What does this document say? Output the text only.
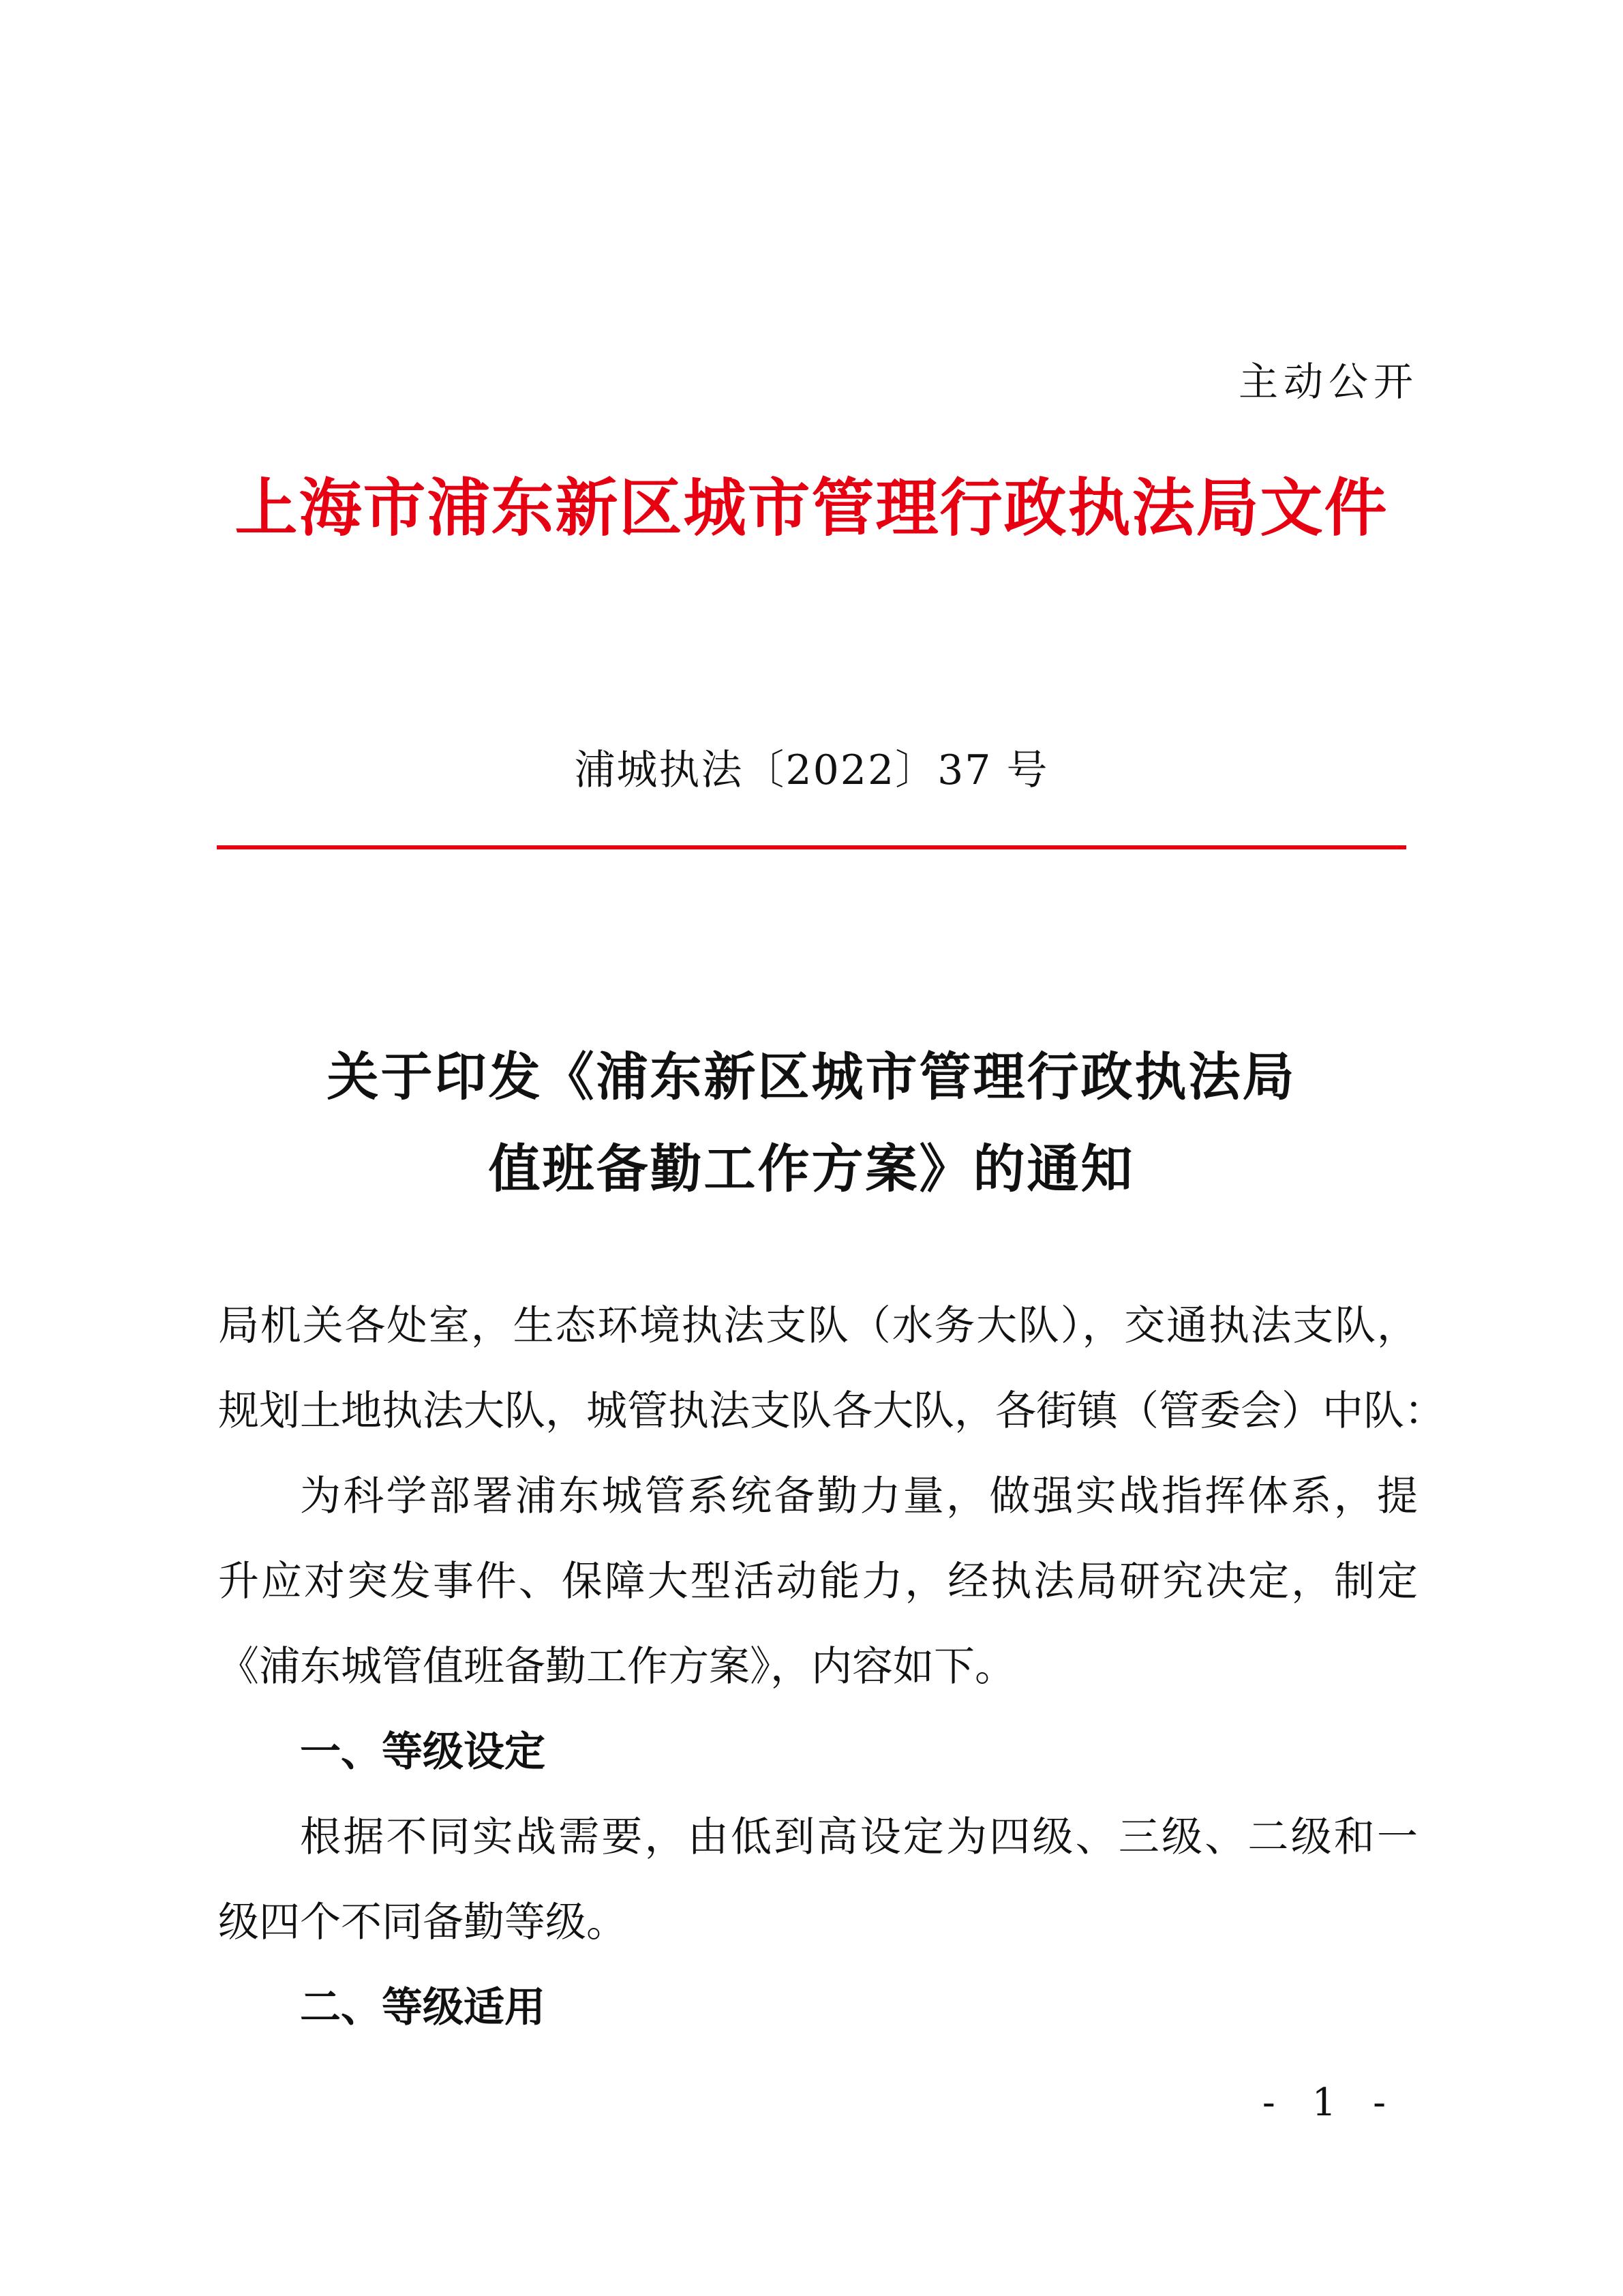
主动公开
上海市浦东新区城市管理行政执法局文件
浦城执法〔2022〕37 号
关于印发《浦东新区城市管理行政执法局
值班备勤工作方案》的通知
局机关各处室，生态环境执法支队（水务大队），交通执法支队，
规划土地执法大队，城管执法支队各大队，各街镇（管委会）中队：
为科学部署浦东城管系统备勤力量，做强实战指挥体系，提
升应对突发事件、保障大型活动能力，经执法局研究决定，制定
《浦东城管值班备勤工作方案》，内容如下。
一、等级设定
根据不同实战需要，由低到高设定为四级、三级、二级和一
级四个不同备勤等级。
二、等级适用
- 1 -
